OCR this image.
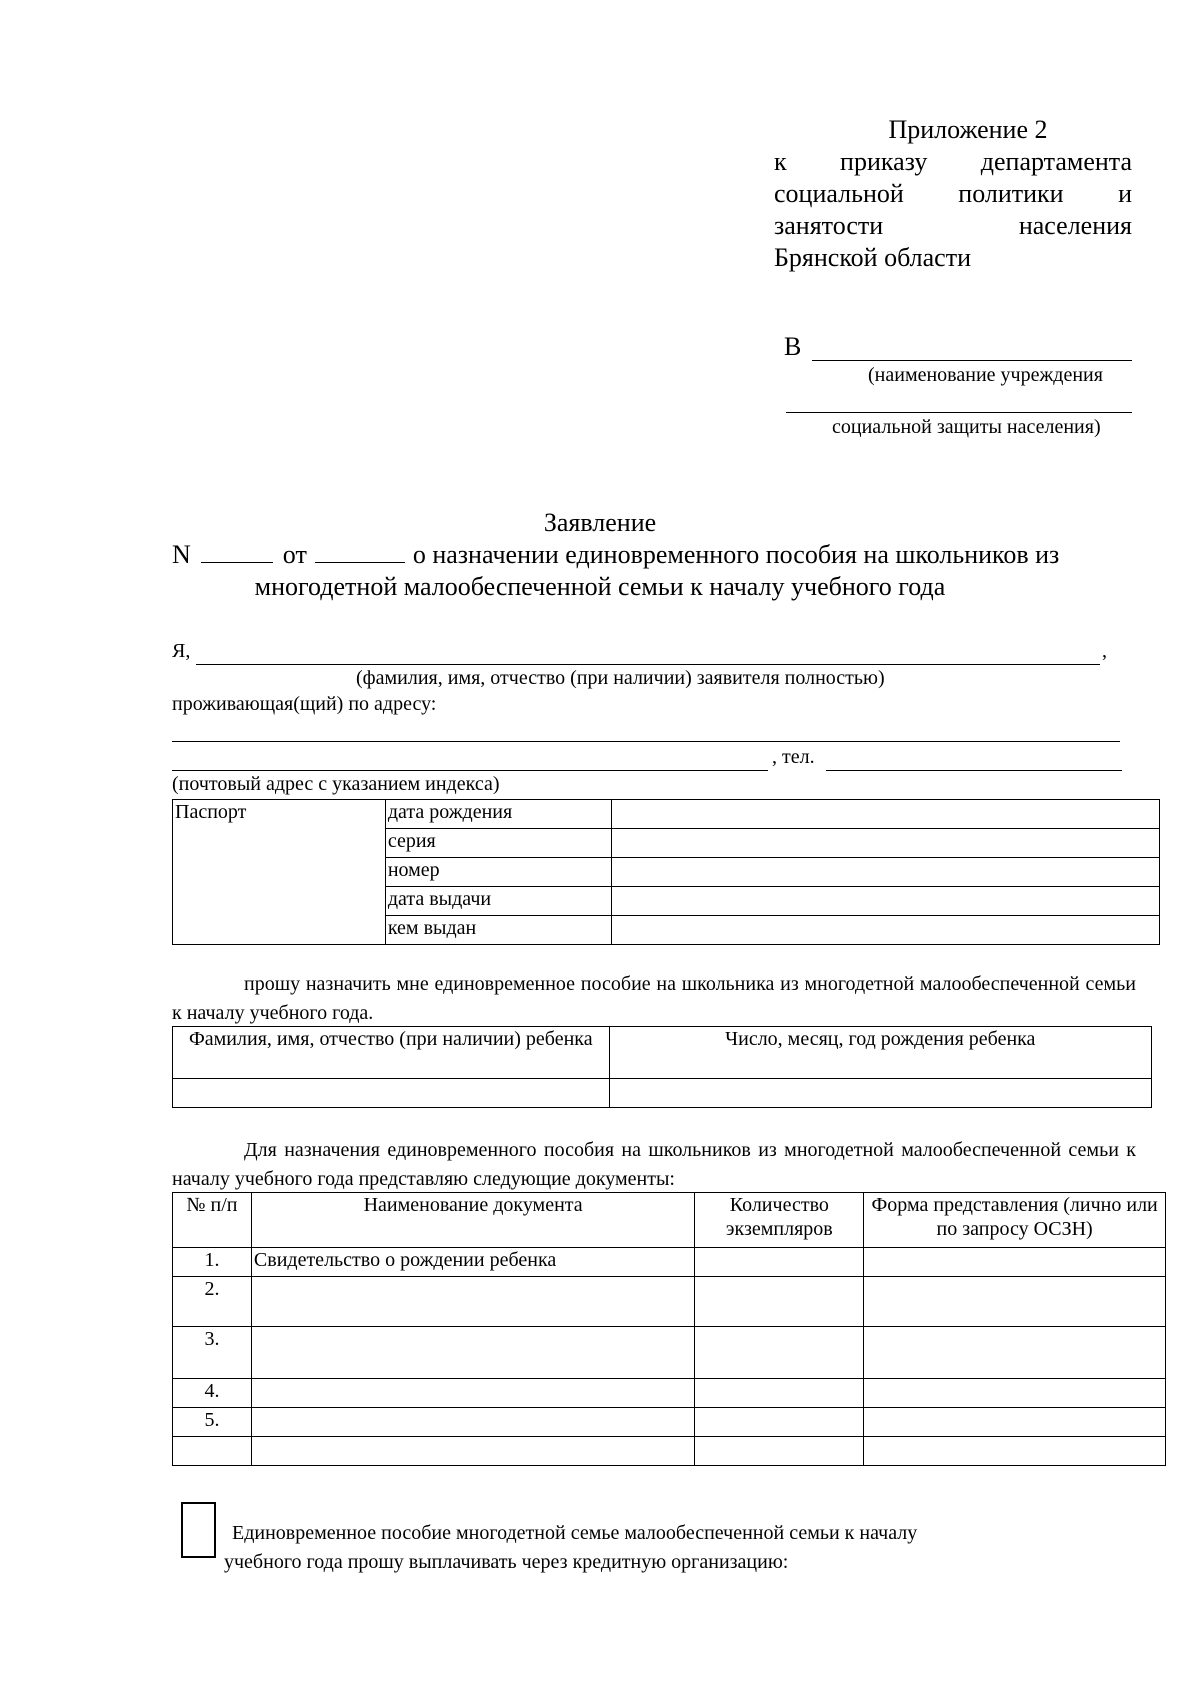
Приложение 2
к приказу департамента
социальной политики и
занятости	населения
Брянской области
В
(наименование учреждения
социальной защиты населения)
Заявление
N	от	о назначении единовременного пособия на школьников из
многодетной малообеспеченной семьи к началу учебного года
Я,	,
(фамилия, имя, отчество (при наличии) заявителя полностью)
проживающая(щий) по адресу:
, тел.
(почтовый адрес с указанием индекса)
Паспорт	дата рождения	
	серия	
	номер	
	дата выдачи	
	кем выдан	
прошу назначить мне единовременное пособие на школьника из многодетной малообеспеченной семьи к началу учебного года.
Фамилия, имя, отчество (при наличии) ребенка	Число, месяц, год рождения ребенка

Для назначения единовременного пособия на школьников из многодетной малообеспеченной семьи к началу учебного года представляю следующие документы:
№ п/п	Наименование документа	Количество экземпляров	Форма представления (лично или по запросу ОСЗН)
1.	Свидетельство о рождении ребенка		
2.			
3.			
4.			
5.			

Единовременное пособие многодетной семье малообеспеченной семьи к началу
учебного года прошу выплачивать через кредитную организацию:
